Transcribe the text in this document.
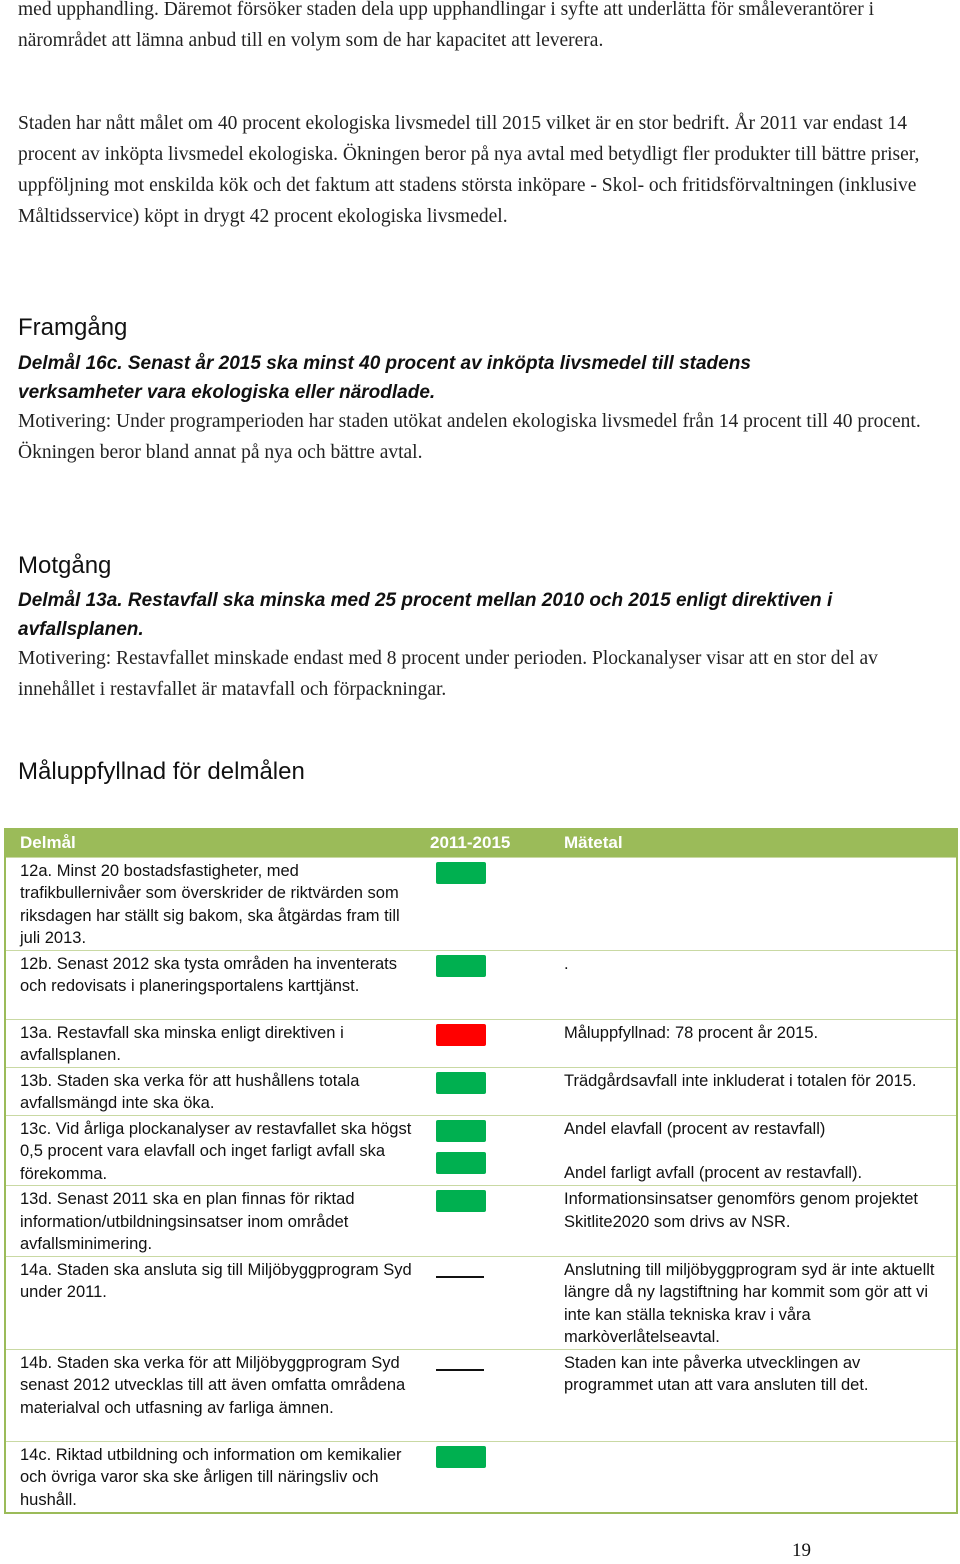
med upphandling. Däremot försöker staden dela upp upphandlingar i syfte att underlätta för småleverantörer i närområdet att lämna anbud till en volym som de har kapacitet att leverera.

Staden har nått målet om 40 procent ekologiska livsmedel till 2015 vilket är en stor bedrift. År 2011 var endast 14 procent av inköpta livsmedel ekologiska. Ökningen beror på nya avtal med betydligt fler produkter till bättre priser, uppföljning mot enskilda kök och det faktum att stadens största inköpare - Skol- och fritidsförvaltningen (inklusive Måltidsservice) köpt in drygt 42 procent ekologiska livsmedel.

Framgång

Delmål 16c. Senast år 2015 ska minst 40 procent av inköpta livsmedel till stadens verksamheter vara ekologiska eller närodlade.

Motivering: Under programperioden har staden utökat andelen ekologiska livsmedel från 14 procent till 40 procent. Ökningen beror bland annat på nya och bättre avtal.

Motgång

Delmål 13a. Restavfall ska minska med 25 procent mellan 2010 och 2015 enligt direktiven i avfallsplanen.

Motivering: Restavfallet minskade endast med 8 procent under perioden. Plockanalyser visar att en stor del av innehållet i restavfallet är matavfall och förpackningar.

Måluppfyllnad för delmålen
Delmål	2011-2015	Mätetal
12a. Minst 20 bostadsfastigheter, med trafikbullernivåer som överskrider de riktvärden som riksdagen har ställt sig bakom, ska åtgärdas fram till juli 2013.	

12b. Senast 2012 ska tysta områden ha inventerats och redovisats i planeringsportalens karttjänst.		.

13a. Restavfall ska minska enligt direktiven i avfallsplanen.		Måluppfyllnad: 78 procent år 2015.

13b. Staden ska verka för att hushållens totala avfallsmängd inte ska öka.		Trädgårdsavfall inte inkluderat i totalen för 2015.

13c. Vid årliga plockanalyser av restavfallet ska högst 0,5 procent vara elavfall och inget farligt avfall ska förekomma.		Andel elavfall (procent av restavfall)
Andel farligt avfall (procent av restavfall).

13d. Senast 2011 ska en plan finnas för riktad information/utbildningsinsatser inom området avfallsminimering.		Informationsinsatser genomförs genom projektet Skitlite2020 som drivs av NSR.

14a. Staden ska ansluta sig till Miljöbyggprogram Syd under 2011.		Anslutning till miljöbyggprogram syd är inte aktuellt längre då ny lagstiftning har kommit som gör att vi inte kan ställa tekniska krav i våra markòverlåtelseavtal.

14b. Staden ska verka för att Miljöbyggprogram Syd senast 2012 utvecklas till att även omfatta områdena materialval och utfasning av farliga ämnen.		Staden kan inte påverka utvecklingen av programmet utan att vara ansluten till det.

14c. Riktad utbildning och information om kemikalier och övriga varor ska ske årligen till näringsliv och hushåll.	

19
